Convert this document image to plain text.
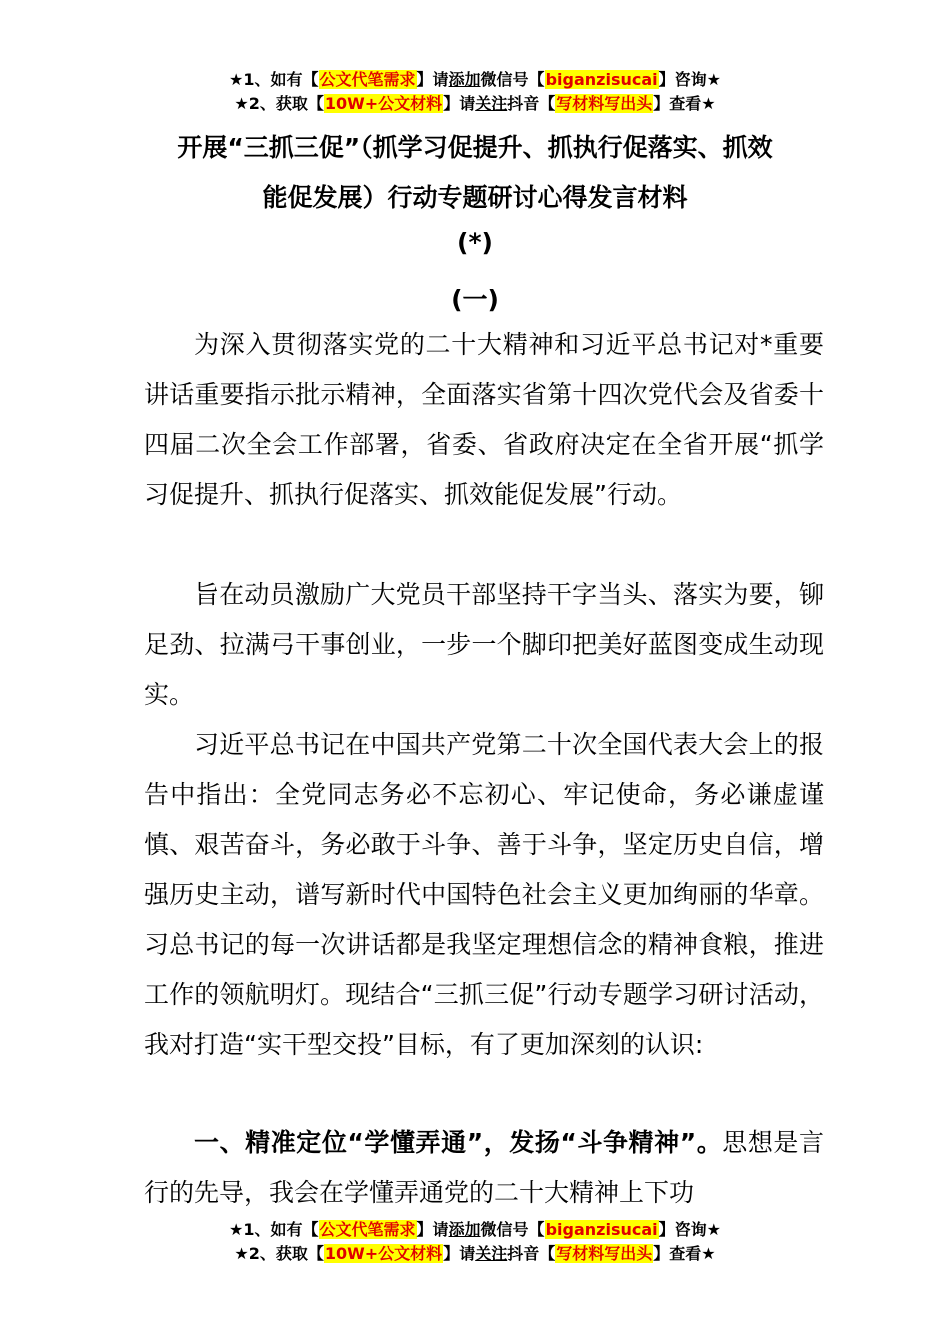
★1、如有【公文代笔需求】请添加微信号【biganzisucai】咨询★
★2、获取【10W+公文材料】请关注抖音【写材料写出头】查看★
开展“三抓三促”（抓学习促提升、抓执行促落实、抓效
能促发展）行动专题研讨心得发言材料
(*)
(一)

为深入贯彻落实党的二十大精神和习近平总书记对*重要讲话重要指示批示精神，全面落实省第十四次党代会及省委十四届二次全会工作部署，省委、省政府决定在全省开展“抓学习促提升、抓执行促落实、抓效能促发展”行动。

旨在动员激励广大党员干部坚持干字当头、落实为要，铆足劲、拉满弓干事创业，一步一个脚印把美好蓝图变成生动现实。

习近平总书记在中国共产党第二十次全国代表大会上的报告中指出：全党同志务必不忘初心、牢记使命，务必谦虚谨慎、艰苦奋斗，务必敢于斗争、善于斗争，坚定历史自信，增强历史主动，谱写新时代中国特色社会主义更加绚丽的华章。习总书记的每一次讲话都是我坚定理想信念的精神食粮，推进工作的领航明灯。现结合“三抓三促”行动专题学习研讨活动，我对打造“实干型交投”目标，有了更加深刻的认识:

一、精准定位“学懂弄通”，发扬“斗争精神”。思想是言行的先导，我会在学懂弄通党的二十大精神上下功

★1、如有【公文代笔需求】请添加微信号【biganzisucai】咨询★
★2、获取【10W+公文材料】请关注抖音【写材料写出头】查看★
